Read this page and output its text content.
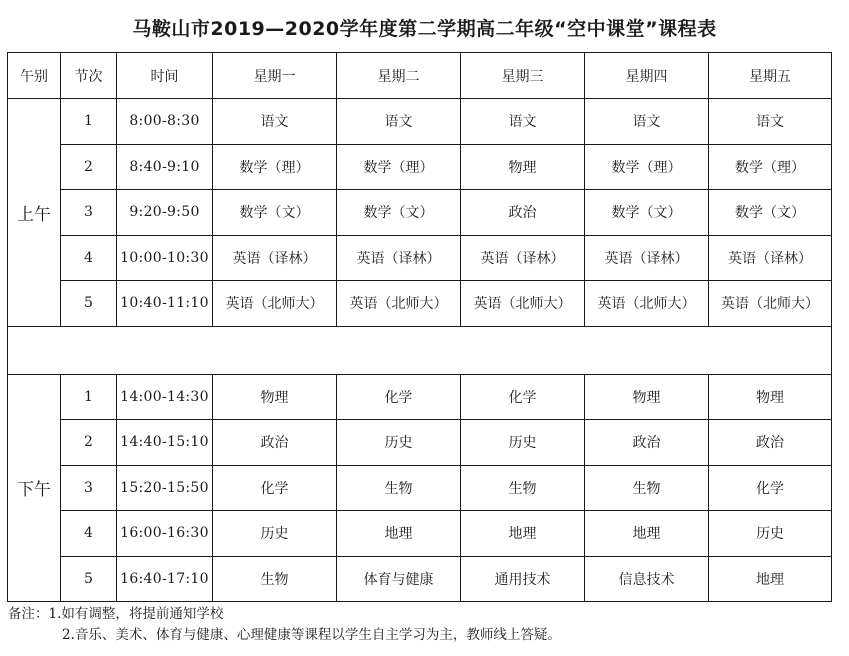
马鞍山市2019—2020学年度第二学期高二年级“空中课堂”课程表
午别	节次	时间	星期一	星期二	星期三	星期四	星期五
上午	1	8:00-8:30	语文	语文	语文	语文	语文
	2	8:40-9:10	数学（理）	数学（理）	物理	数学（理）	数学（理）
	3	9:20-9:50	数学（文）	数学（文）	政治	数学（文）	数学（文）
	4	10:00-10:30	英语（译林）	英语（译林）	英语（译林）	英语（译林）	英语（译林）
	5	10:40-11:10	英语（北师大）	英语（北师大）	英语（北师大）	英语（北师大）	英语（北师大）

下午	1	14:00-14:30	物理	化学	化学	物理	物理
	2	14:40-15:10	政治	历史	历史	政治	政治
	3	15:20-15:50	化学	生物	生物	生物	化学
	4	16:00-16:30	历史	地理	地理	地理	历史
	5	16:40-17:10	生物	体育与健康	通用技术	信息技术	地理
备注：1.如有调整，将提前通知学校
2.音乐、美术、体育与健康、心理健康等课程以学生自主学习为主，教师线上答疑。
